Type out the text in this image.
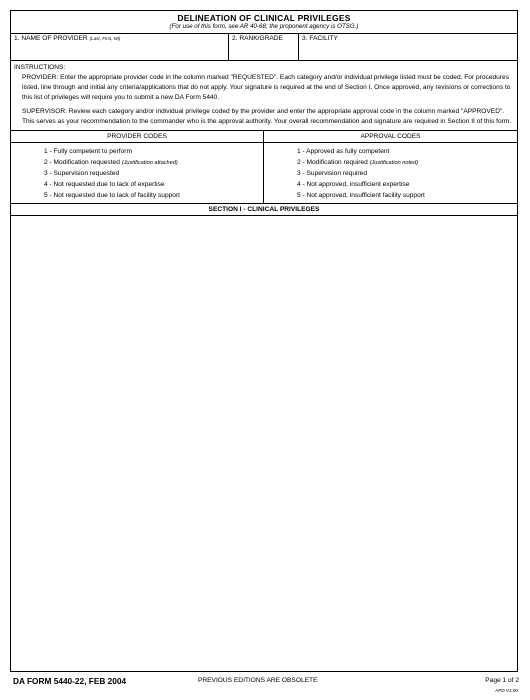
DELINEATION OF CLINICAL PRIVILEGES
(For use of this form, see AR 40-68; the proponent agency is OTSG.)
1. NAME OF PROVIDER (Last, First, MI)	2. RANK/GRADE	3. FACILITY

INSTRUCTIONS:

PROVIDER: Enter the appropriate provider code in the column marked "REQUESTED". Each category and/or individual privilege listed must be coded. For procedures listed, line through and initial any criteria/applications that do not apply. Your signature is required at the end of Section I. Once approved, any revisions or corrections to this list of privileges will require you to submit a new DA Form 5440.

SUPERVISOR: Review each category and/or individual privilege coded by the provider and enter the appropriate approval code in the column marked "APPROVED". This serves as your recommendation to the commander who is the approval authority. Your overall recommendation and signature are required in Section II of this form.

PROVIDER CODES
1 - Fully competent to perform
2 - Modification requested (Justification attached)
3 - Supervision requested
4 - Not requested due to lack of expertise
5 - Not requested due to lack of facility support
APPROVAL CODES
1 - Approved as fully competent
2 - Modification required (Justification noted)
3 - Supervision required
4 - Not approved, insufficient expertise
5 - Not approved, insufficient facility support
SECTION I - CLINICAL PRIVILEGES
DA FORM 5440-22, FEB 2004	PREVIOUS EDITIONS ARE OBSOLETE	Page 1 of 2
APD V1.00
